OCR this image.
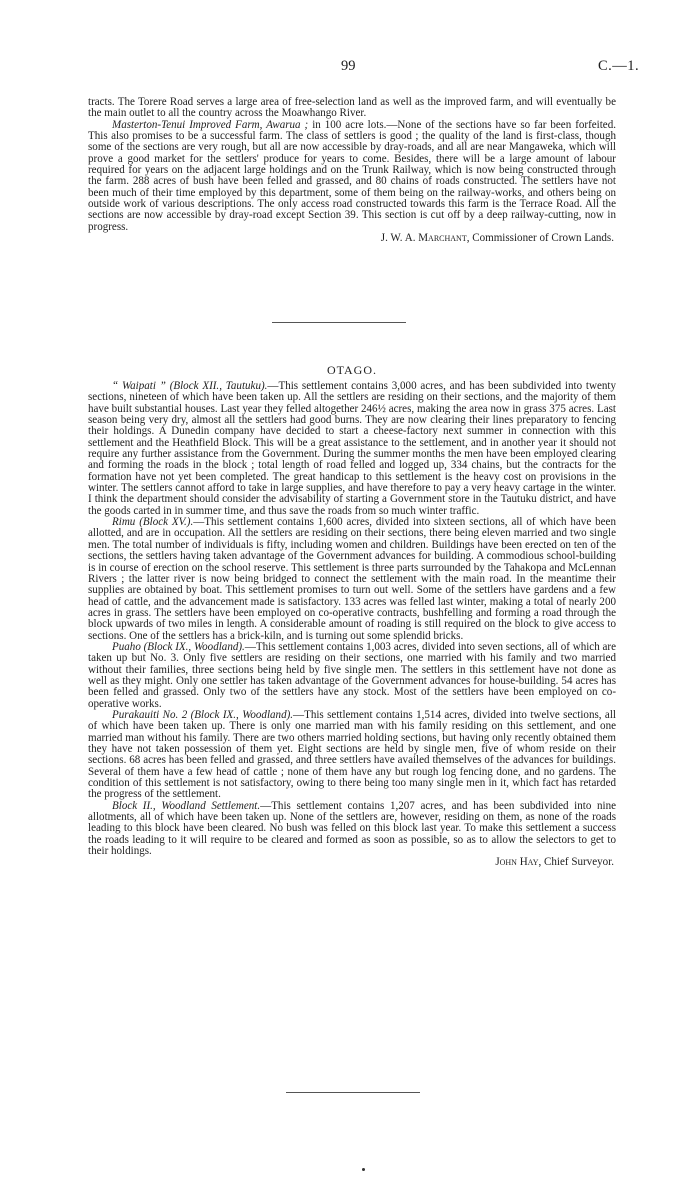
99	C.—1.

tracts. The Torere Road serves a large area of free-selection land as well as the improved farm, and will eventually be the main outlet to all the country across the Moawhango River.

Masterton-Tenui Improved Farm, Awarua ; in 100 acre lots.—None of the sections have so far been forfeited. This also promises to be a successful farm. The class of settlers is good ; the quality of the land is first-class, though some of the sections are very rough, but all are now accessible by dray-roads, and all are near Mangaweka, which will prove a good market for the settlers' produce for years to come. Besides, there will be a large amount of labour required for years on the adjacent large holdings and on the Trunk Railway, which is now being constructed through the farm. 288 acres of bush have been felled and grassed, and 80 chains of roads constructed. The settlers have not been much of their time employed by this department, some of them being on the railway-works, and others being on outside work of various descriptions. The only access road constructed towards this farm is the Terrace Road. All the sections are now accessible by dray-road except Section 39. This section is cut off by a deep railway-cutting, now in progress.

J. W. A. Marchant, Commissioner of Crown Lands.

OTAGO.

“ Waipati ” (Block XII., Tautuku).—This settlement contains 3,000 acres, and has been subdivided into twenty sections, nineteen of which have been taken up. All the settlers are residing on their sections, and the majority of them have built substantial houses. Last year they felled altogether 246½ acres, making the area now in grass 375 acres. Last season being very dry, almost all the settlers had good burns. They are now clearing their lines preparatory to fencing their holdings. A Dunedin company have decided to start a cheese-factory next summer in connection with this settlement and the Heathfield Block. This will be a great assistance to the settlement, and in another year it should not require any further assistance from the Government. During the summer months the men have been employed clearing and forming the roads in the block ; total length of road felled and logged up, 334 chains, but the contracts for the formation have not yet been completed. The great handicap to this settlement is the heavy cost on provisions in the winter. The settlers cannot afford to take in large supplies, and have therefore to pay a very heavy cartage in the winter. I think the department should consider the advisability of starting a Government store in the Tautuku district, and have the goods carted in in summer time, and thus save the roads from so much winter traffic.

Rimu (Block XV.).—This settlement contains 1,600 acres, divided into sixteen sections, all of which have been allotted, and are in occupation. All the settlers are residing on their sections, there being eleven married and two single men. The total number of individuals is fifty, including women and children. Buildings have been erected on ten of the sections, the settlers having taken advantage of the Government advances for building. A commodious school-building is in course of erection on the school reserve. This settlement is three parts surrounded by the Tahakopa and McLennan Rivers ; the latter river is now being bridged to connect the settlement with the main road. In the meantime their supplies are obtained by boat. This settlement promises to turn out well. Some of the settlers have gardens and a few head of cattle, and the advancement made is satisfactory. 133 acres was felled last winter, making a total of nearly 200 acres in grass. The settlers have been employed on co-operative contracts, bushfelling and forming a road through the block upwards of two miles in length. A considerable amount of roading is still required on the block to give access to sections. One of the settlers has a brick-kiln, and is turning out some splendid bricks.

Puaho (Block IX., Woodland).—This settlement contains 1,003 acres, divided into seven sections, all of which are taken up but No. 3. Only five settlers are residing on their sections, one married with his family and two married without their families, three sections being held by five single men. The settlers in this settlement have not done as well as they might. Only one settler has taken advantage of the Government advances for house-building. 54 acres has been felled and grassed. Only two of the settlers have any stock. Most of the settlers have been employed on co-operative works.

Purakauiti No. 2 (Block IX., Woodland).—This settlement contains 1,514 acres, divided into twelve sections, all of which have been taken up. There is only one married man with his family residing on this settlement, and one married man without his family. There are two others married holding sections, but having only recently obtained them they have not taken possession of them yet. Eight sections are held by single men, five of whom reside on their sections. 68 acres has been felled and grassed, and three settlers have availed themselves of the advances for buildings. Several of them have a few head of cattle ; none of them have any but rough log fencing done, and no gardens. The condition of this settlement is not satisfactory, owing to there being too many single men in it, which fact has retarded the progress of the settlement.

Block II., Woodland Settlement.—This settlement contains 1,207 acres, and has been subdivided into nine allotments, all of which have been taken up. None of the settlers are, however, residing on them, as none of the roads leading to this block have been cleared. No bush was felled on this block last year. To make this settlement a success the roads leading to it will require to be cleared and formed as soon as possible, so as to allow the selectors to get to their holdings.

John Hay, Chief Surveyor.
